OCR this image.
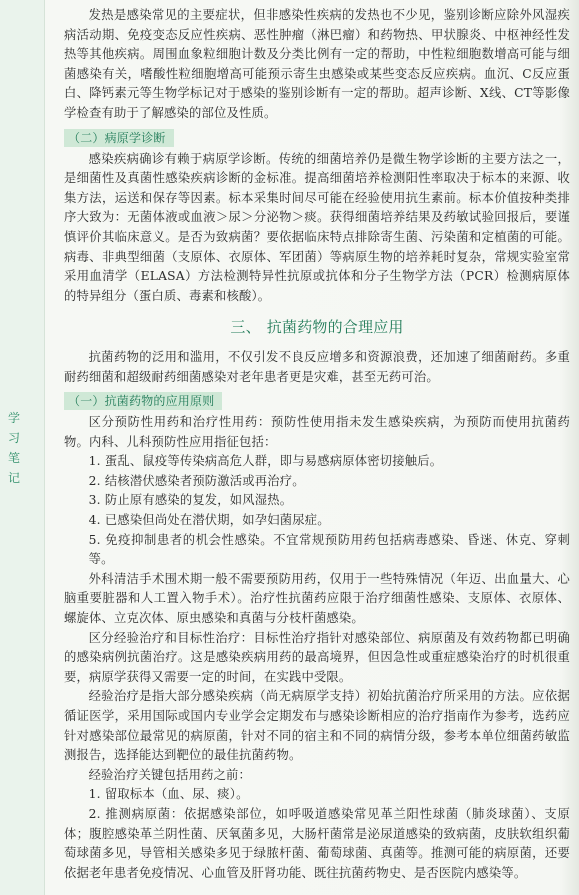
学习笔记

发热是感染常见的主要症状，但非感染性疾病的发热也不少见，鉴别诊断应除外风湿疾病活动期、免疫变态反应性疾病、恶性肿瘤（淋巴瘤）和药物热、甲状腺炎、中枢神经性发热等其他疾病。周围血象粒细胞计数及分类比例有一定的帮助，中性粒细胞数增高可能与细菌感染有关，嗜酸性粒细胞增高可能预示寄生虫感染或某些变态反应疾病。血沉、C反应蛋白、降钙素元等生物学标记对于感染的鉴别诊断有一定的帮助。超声诊断、X线、CT等影像学检查有助于了解感染的部位及性质。

（二）病原学诊断

感染疾病确诊有赖于病原学诊断。传统的细菌培养仍是微生物学诊断的主要方法之一，是细菌性及真菌性感染疾病诊断的金标准。提高细菌培养检测阳性率取决于标本的来源、收集方法，运送和保存等因素。标本采集时间尽可能在经验使用抗生素前。标本价值按种类排序大致为：无菌体液或血液＞尿＞分泌物＞痰。获得细菌培养结果及药敏试验回报后，要谨慎评价其临床意义。是否为致病菌？要依据临床特点排除寄生菌、污染菌和定植菌的可能。病毒、非典型细菌（支原体、衣原体、军团菌）等病原生物的培养耗时复杂，常规实验室常采用血清学（ELASA）方法检测特异性抗原或抗体和分子生物学方法（PCR）检测病原体的特异组分（蛋白质、毒素和核酸）。

三、 抗菌药物的合理应用

抗菌药物的泛用和滥用，不仅引发不良反应增多和资源浪费，还加速了细菌耐药。多重耐药细菌和超级耐药细菌感染对老年患者更是灾难，甚至无药可治。

（一）抗菌药物的应用原则

区分预防性用药和治疗性用药：预防性使用指未发生感染疾病，为预防而使用抗菌药物。内科、儿科预防性应用指征包括：

1. 蛋乱、鼠疫等传染病高危人群，即与易感病原体密切接触后。

2. 结核潜伏感染者预防激活或再治疗。

3. 防止原有感染的复发，如风湿热。

4. 已感染但尚处在潜伏期，如孕妇菌尿症。

5. 免疫抑制患者的机会性感染。不宜常规预防用药包括病毒感染、昏迷、休克、穿刺等。

外科清洁手术围术期一般不需要预防用药，仅用于一些特殊情况（年迈、出血量大、心脑重要脏器和人工置入物手术）。治疗性抗菌药应限于治疗细菌性感染、支原体、衣原体、螺旋体、立克次体、原虫感染和真菌与分枝杆菌感染。

区分经验治疗和目标性治疗：目标性治疗指针对感染部位、病原菌及有效药物都已明确的感染病例抗菌治疗。这是感染疾病用药的最高境界，但因急性或重症感染治疗的时机很重要，病原学获得又需要一定的时间，在实践中受限。

经验治疗是指大部分感染疾病（尚无病原学支持）初始抗菌治疗所采用的方法。应依据循证医学，采用国际或国内专业学会定期发布与感染诊断相应的治疗指南作为参考，选药应针对感染部位最常见的病原菌，针对不同的宿主和不同的病情分级，参考本单位细菌药敏监测报告，选择能达到靶位的最佳抗菌药物。

经验治疗关键包括用药之前：

1. 留取标本（血、尿、痰）。

2. 推测病原菌：依据感染部位，如呼吸道感染常见革兰阳性球菌（肺炎球菌）、支原体；腹腔感染革兰阴性菌、厌氧菌多见，大肠杆菌常是泌尿道感染的致病菌，皮肤软组织葡萄球菌多见，导管相关感染多见于绿脓杆菌、葡萄球菌、真菌等。推测可能的病原菌，还要依据老年患者免疫情况、心血管及肝肾功能、既往抗菌药物史、是否医院内感染等。
